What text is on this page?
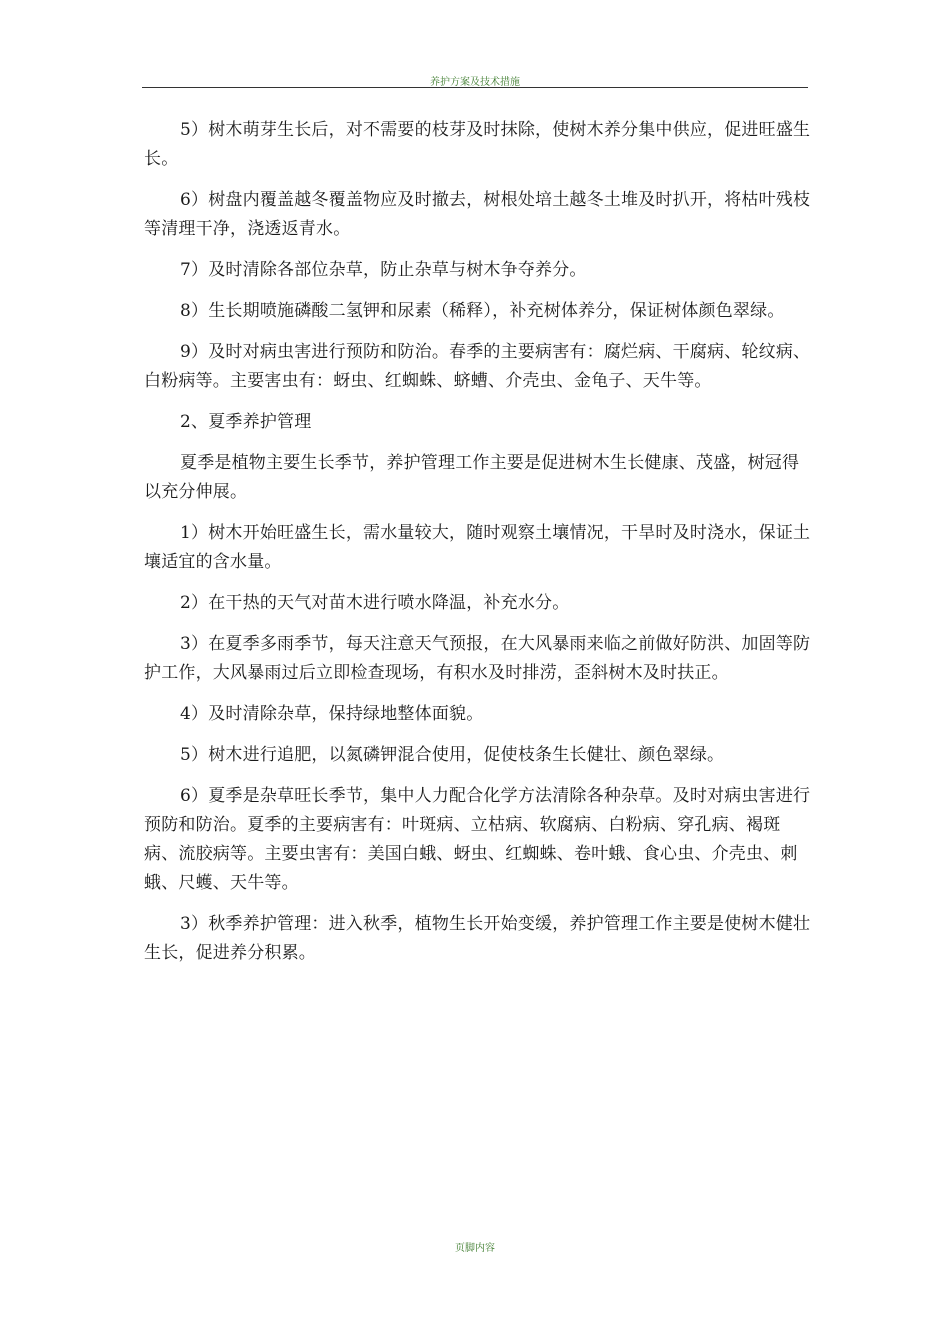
养护方案及技术措施

5）树木萌芽生长后，对不需要的枝芽及时抹除，使树木养分集中供应，促进旺盛生长。

6）树盘内覆盖越冬覆盖物应及时撤去，树根处培土越冬土堆及时扒开，将枯叶残枝等清理干净，浇透返青水。

7）及时清除各部位杂草，防止杂草与树木争夺养分。

8）生长期喷施磷酸二氢钾和尿素（稀释），补充树体养分，保证树体颜色翠绿。

9）及时对病虫害进行预防和防治。春季的主要病害有：腐烂病、干腐病、轮纹病、白粉病等。主要害虫有：蚜虫、红蜘蛛、蛴螬、介壳虫、金龟子、天牛等。

2、夏季养护管理

夏季是植物主要生长季节，养护管理工作主要是促进树木生长健康、茂盛，树冠得以充分伸展。

1）树木开始旺盛生长，需水量较大，随时观察土壤情况，干旱时及时浇水，保证土壤适宜的含水量。

2）在干热的天气对苗木进行喷水降温，补充水分。

3）在夏季多雨季节，每天注意天气预报，在大风暴雨来临之前做好防洪、加固等防护工作，大风暴雨过后立即检查现场，有积水及时排涝，歪斜树木及时扶正。

4）及时清除杂草，保持绿地整体面貌。

5）树木进行追肥，以氮磷钾混合使用，促使枝条生长健壮、颜色翠绿。

6）夏季是杂草旺长季节，集中人力配合化学方法清除各种杂草。及时对病虫害进行预防和防治。夏季的主要病害有：叶斑病、立枯病、软腐病、白粉病、穿孔病、褐斑病、流胶病等。主要虫害有：美国白蛾、蚜虫、红蜘蛛、卷叶蛾、食心虫、介壳虫、刺蛾、尺蠖、天牛等。

3）秋季养护管理：进入秋季，植物生长开始变缓，养护管理工作主要是使树木健壮生长，促进养分积累。

页脚内容
